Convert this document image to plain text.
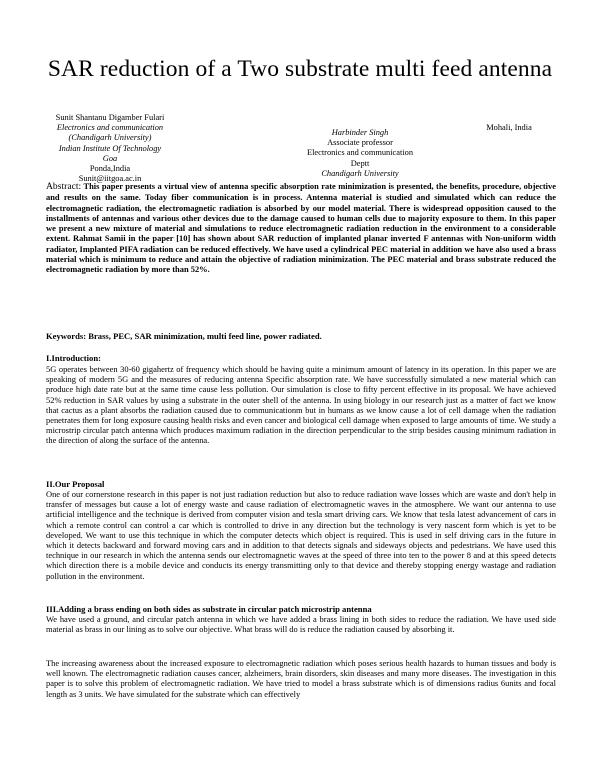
SAR reduction of a Two substrate multi feed antenna
Sunit Shantanu Digamber Fulari
Electronics and communication
(Chandigarh University)
Indian Institute Of Technology
Goa
Ponda,India
Sunit@iitgoa.ac.in
Harbinder Singh
Associate professor
Electronics and communication
Deptt
Chandigarh University
Mohali, India
Abstract: This paper presents a virtual view of antenna specific absorption rate minimization is presented, the benefits, procedure, objective and results on the same. Today fiber communication is in process. Antenna material is studied and simulated which can reduce the electromagnetic radiation, the electromagnetic radiation is absorbed by our model material. There is widespread opposition caused to the installments of antennas and various other devices due to the damage caused to human cells due to majority exposure to them. In this paper we present a new mixture of material and simulations to reduce electromagnetic radiation reduction in the environment to a considerable extent. Rahmat Samii in the paper [10] has shown about SAR reduction of implanted planar inverted F antennas with Non-uniform width radiator, Implanted PIFA radiation can be reduced effectively. We have used a cylindrical PEC material in addition we have also used a brass material which is minimum to reduce and attain the objective of radiation minimization. The PEC material and brass substrate reduced the electromagnetic radiation by more than 52%.
Keywords: Brass, PEC, SAR minimization, multi feed line, power radiated.
I.Introduction:
5G operates between 30-60 gigahertz of frequency which should be having quite a minimum amount of latency in its operation. In this paper we are speaking of modern 5G and the measures of reducing antenna Specific absorption rate. We have successfully simulated a new material which can produce high date rate but at the same time cause less pollution. Our simulation is close to fifty percent effective in its proposal. We have achieved 52% reduction in SAR values by using a substrate in the outer shell of the antenna. In using biology in our research just as a matter of fact we know that cactus as a plant absorbs the radiation caused due to communicationm but in humans as we know cause a lot of cell damage when the radiation penetrates them for long exposure causing health risks and even cancer and biological cell damage when exposed to large amounts of time. We study a microstrip circular patch antenna which produces maximum radiation in the direction perpendicular to the strip besides causing minimum radiation in the direction of along the surface of the antenna.
II.Our Proposal
One of our cornerstone research in this paper is not just radiation reduction but also to reduce radiation wave losses which are waste and don't help in transfer of messages but cause a lot of energy waste and cause radiation of electromagnetic waves in the atmosphere. We want our antenna to use artificial intelligence and the technique is derived from computer vision and tesla smart driving cars. We know that tesla latest advancement of cars in which a remote control can control a car which is controlled to drive in any direction but the technology is very nascent form which is yet to be developed. We want to use this technique in which the computer detects which object is required. This is used in self driving cars in the future in which it detects backward and forward moving cars and in addition to that detects signals and sideways objects and pedestrians. We have used this technique in our research in which the antenna sends our electromagnetic waves at the speed of three into ten to the power 8 and at this speed detects which direction there is a mobile device and conducts its energy transmitting only to that device and thereby stopping energy wastage and radiation pollution in the environment.
III.Adding a brass ending on both sides as substrate in circular patch microstrip antenna
We have used a ground, and circular patch antenna in which we have added a brass lining in both sides to reduce the radiation. We have used side material as brass in our lining as to solve our objective. What brass will do is reduce the radiation caused by absorbing it.
The increasing awareness about the increased exposure to electromagnetic radiation which poses serious health hazards to human tissues and body is well known. The electromagnetic radiation causes cancer, alzheimers, brain disorders, skin diseases and many more diseases. The investigation in this paper is to solve this problem of electromagnetic radiation. We have tried to model a brass substrate which is of dimensions radius 6units and focal length as 3 units. We have simulated for the substrate which can effectively
